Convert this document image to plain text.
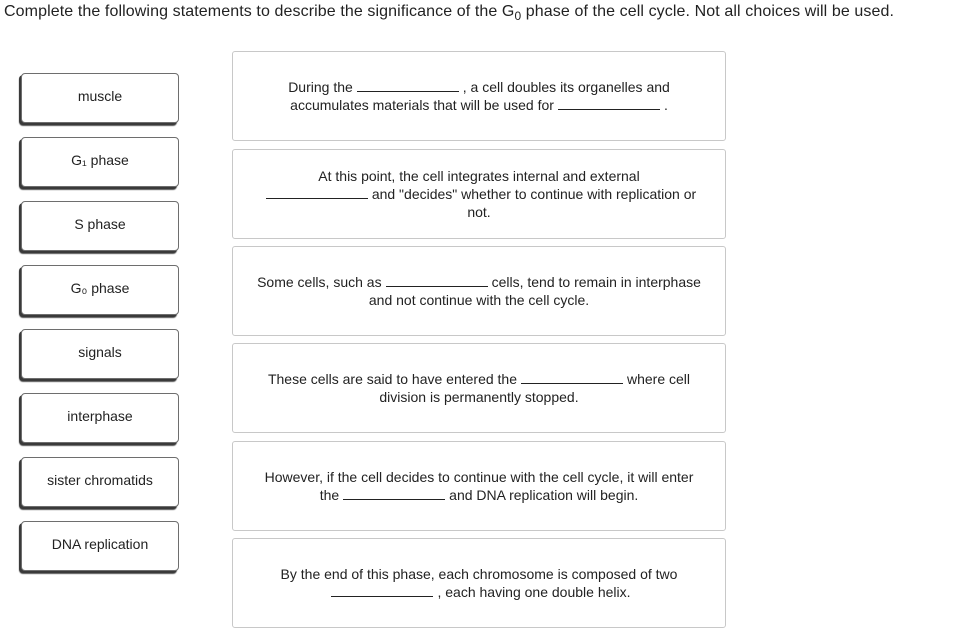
Complete the following statements to describe the significance of the $G_0$ phase of the cell cycle. Not all choices will be used.
muscle
G₁ phase
S phase
G₀ phase
signals
interphase
sister chromatids
DNA replication
During the	, a cell doubles its organelles and accumulates materials that will be used for	.
At this point, the cell integrates internal and external
and "decides" whether to continue with replication or not.
Some cells, such as	cells, tend to remain in interphase and not continue with the cell cycle.
These cells are said to have entered the	where cell division is permanently stopped.
However, if the cell decides to continue with the cell cycle, it will enter the	and DNA replication will begin.
By the end of this phase, each chromosome is composed of two
, each having one double helix.
